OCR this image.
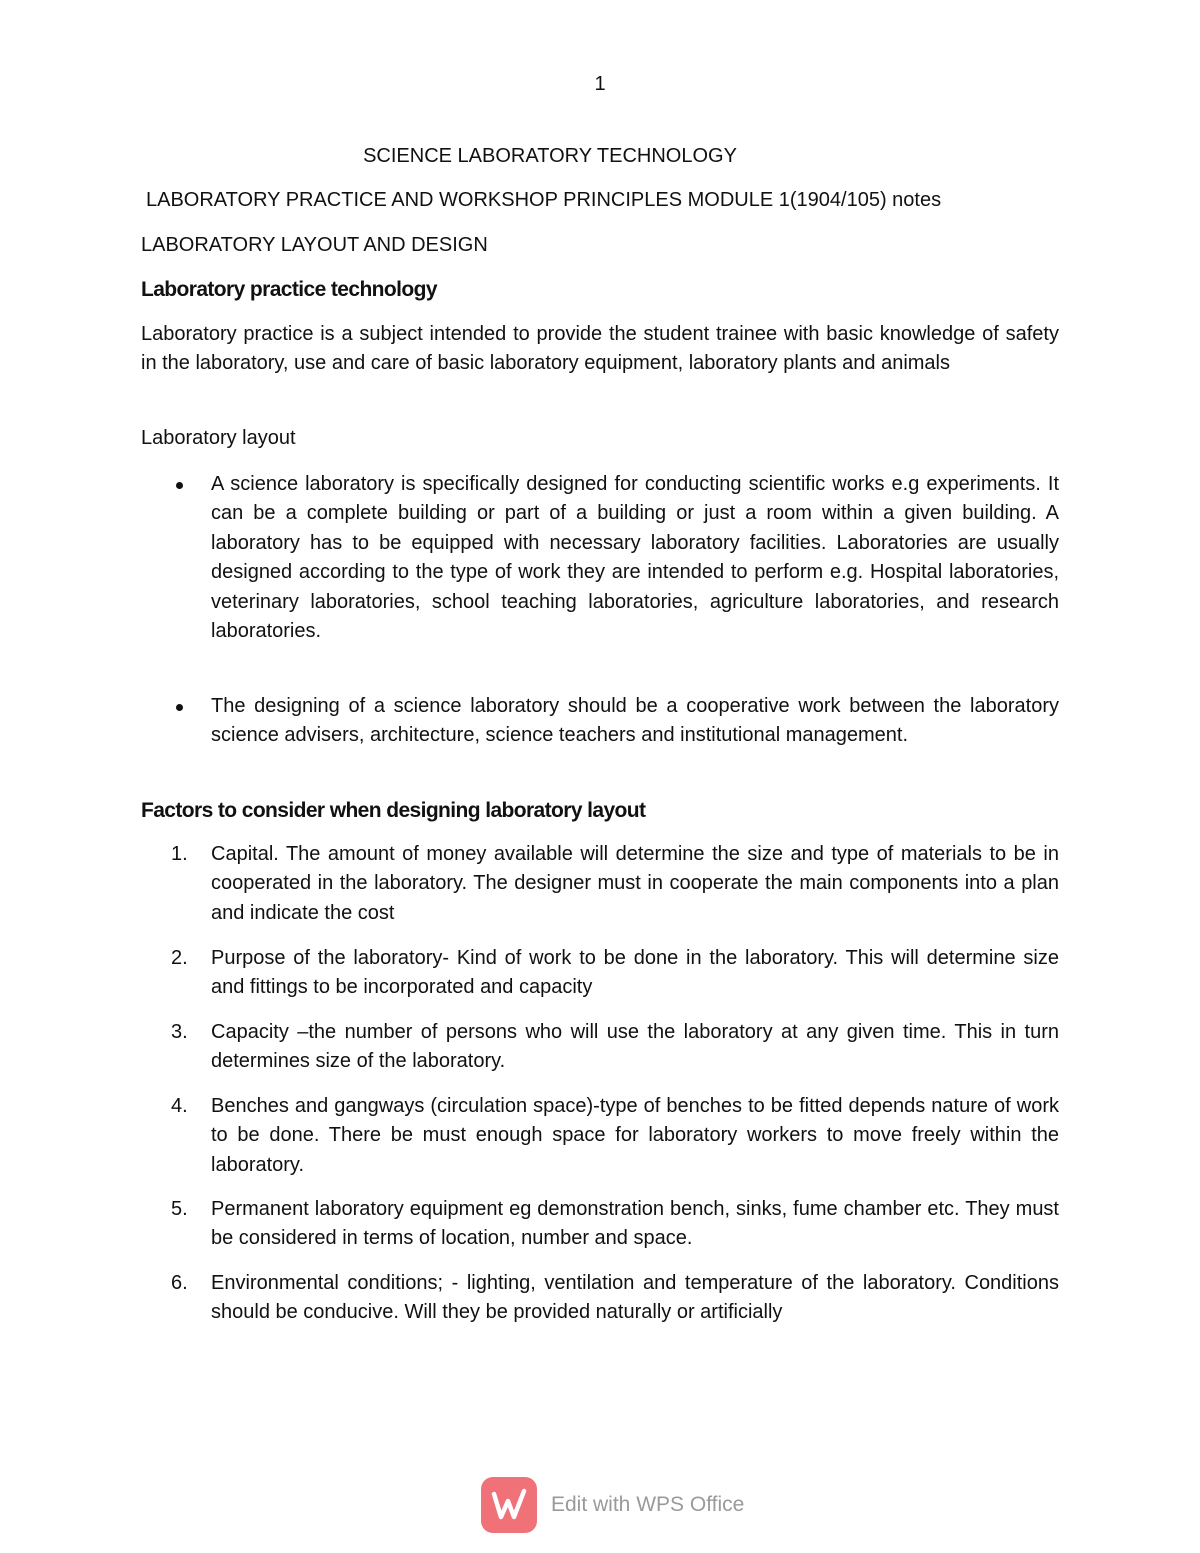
1
SCIENCE LABORATORY TECHNOLOGY
LABORATORY PRACTICE AND WORKSHOP PRINCIPLES MODULE 1(1904/105) notes
LABORATORY LAYOUT AND DESIGN
Laboratory practice technology

Laboratory practice is a subject intended to provide the student trainee with basic knowledge of safety in the laboratory, use and care of basic laboratory equipment, laboratory plants and animals

Laboratory layout
A science laboratory is specifically designed for conducting scientific works e.g experiments. It can be a complete building or part of a building or just a room within a given building. A laboratory has to be equipped with necessary laboratory facilities. Laboratories are usually designed according to the type of work they are intended to perform e.g. Hospital laboratories, veterinary laboratories, school teaching laboratories, agriculture laboratories, and research laboratories.
The designing of a science laboratory should be a cooperative work between the laboratory science advisers, architecture, science teachers and institutional management.
Factors to consider when designing laboratory layout
1.	Capital. The amount of money available will determine the size and type of materials to be in cooperated in the laboratory. The designer must in cooperate the main components into a plan and indicate the cost
2.	Purpose of the laboratory- Kind of work to be done in the laboratory. This will determine size and fittings to be incorporated and capacity
3.	Capacity –the number of persons who will use the laboratory at any given time. This in turn determines size of the laboratory.
4.	Benches and gangways (circulation space)-type of benches to be fitted depends nature of work to be done. There be must enough space for laboratory workers to move freely within the laboratory.
5.	Permanent laboratory equipment eg demonstration bench, sinks, fume chamber etc. They must be considered in terms of location, number and space.
6.	Environmental conditions; - lighting, ventilation and temperature of the laboratory. Conditions should be conducive. Will they be provided naturally or artificially
Edit with WPS Office
